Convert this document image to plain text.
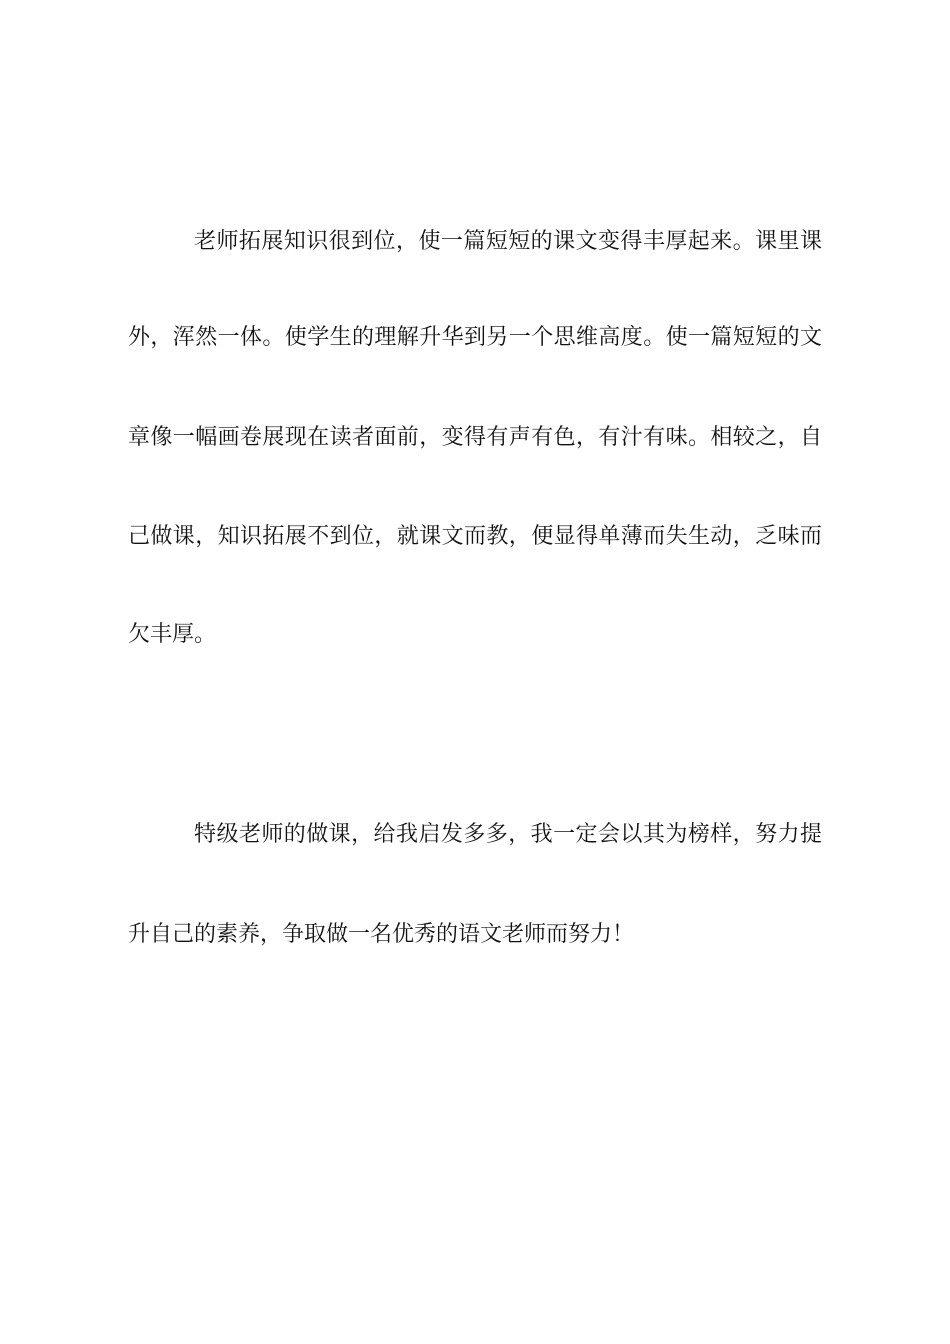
老师拓展知识很到位，使一篇短短的课文变得丰厚起来。课里课
外，浑然一体。使学生的理解升华到另一个思维高度。使一篇短短的文
章像一幅画卷展现在读者面前，变得有声有色，有汁有味。相较之，自
己做课，知识拓展不到位，就课文而教，便显得单薄而失生动，乏味而
欠丰厚。
特级老师的做课，给我启发多多，我一定会以其为榜样，努力提
升自己的素养，争取做一名优秀的语文老师而努力！
